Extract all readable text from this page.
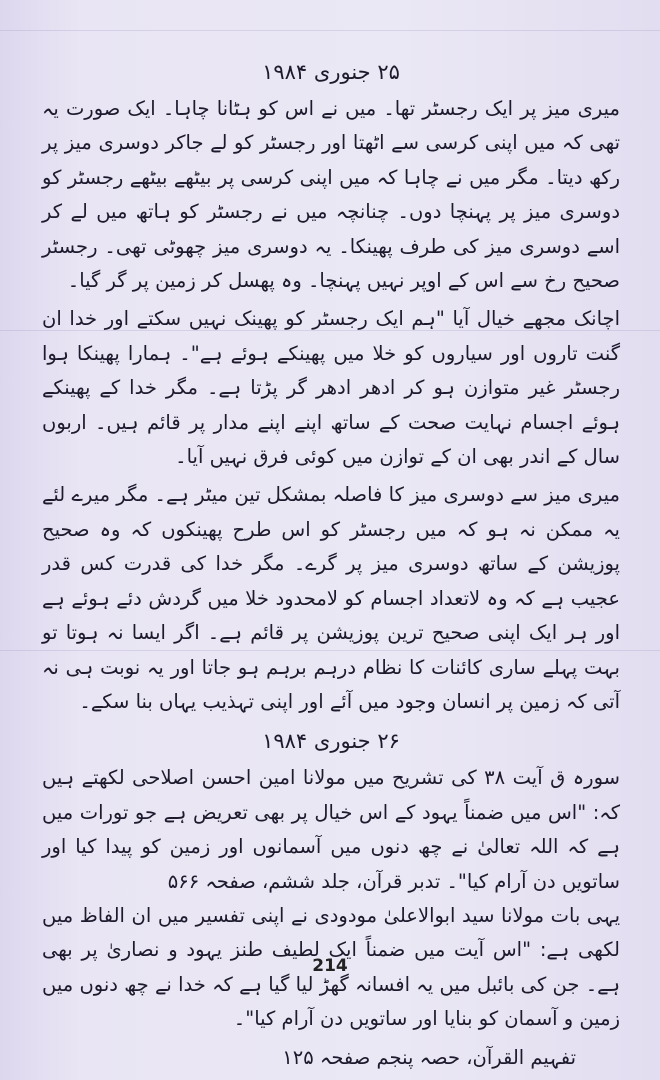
۲۵ جنوری ۱۹۸۴

میری میز پر ایک رجسٹر تھا۔ میں نے اس کو ہٹانا چاہا۔ ایک صورت یہ تھی کہ میں اپنی کرسی سے اٹھتا اور رجسٹر کو لے جاکر دوسری میز پر رکھ دیتا۔ مگر میں نے چاہا کہ میں اپنی کرسی پر بیٹھے بیٹھے رجسٹر کو دوسری میز پر پہنچا دوں۔ چنانچہ میں نے رجسٹر کو ہاتھ میں لے کر اسے دوسری میز کی طرف پھینکا۔ یہ دوسری میز چھوٹی تھی۔ رجسٹر صحیح رخ سے اس کے اوپر نہیں پہنچا۔ وہ پھسل کر زمین پر گر گیا۔

اچانک مجھے خیال آیا "ہم ایک رجسٹر کو پھینک نہیں سکتے اور خدا ان گنت تاروں اور سیاروں کو خلا میں پھینکے ہوئے ہے"۔ ہمارا پھینکا ہوا رجسٹر غیر متوازن ہو کر ادھر ادھر گر پڑتا ہے۔ مگر خدا کے پھینکے ہوئے اجسام نہایت صحت کے ساتھ اپنے اپنے مدار پر قائم ہیں۔ اربوں سال کے اندر بھی ان کے توازن میں کوئی فرق نہیں آیا۔

میری میز سے دوسری میز کا فاصلہ بمشکل تین میٹر ہے۔ مگر میرے لئے یہ ممکن نہ ہو کہ میں رجسٹر کو اس طرح پھینکوں کہ وہ صحیح پوزیشن کے ساتھ دوسری میز پر گرے۔ مگر خدا کی قدرت کس قدر عجیب ہے کہ وہ لاتعداد اجسام کو لامحدود خلا میں گردش دئے ہوئے ہے اور ہر ایک اپنی صحیح ترین پوزیشن پر قائم ہے۔ اگر ایسا نہ ہوتا تو بہت پہلے ساری کائنات کا نظام درہم برہم ہو جاتا اور یہ نوبت ہی نہ آتی کہ زمین پر انسان وجود میں آئے اور اپنی تہذیب یہاں بنا سکے۔

۲۶ جنوری ۱۹۸۴

سورہ ق آیت ۳۸ کی تشریح میں مولانا امین احسن اصلاحی لکھتے ہیں کہ: "اس میں ضمناً یہود کے اس خیال پر بھی تعریض ہے جو تورات میں ہے کہ اللہ تعالیٰ نے چھ دنوں میں آسمانوں اور زمین کو پیدا کیا اور ساتویں دن آرام کیا"۔ تدبر قرآن، جلد ششم، صفحہ ۵۶۶

یہی بات مولانا سید ابوالاعلیٰ مودودی نے اپنی تفسیر میں ان الفاظ میں لکھی ہے: "اس آیت میں ضمناً ایک لطیف طنز یہود و نصاریٰ پر بھی ہے۔ جن کی بائبل میں یہ افسانہ گھڑ لیا گیا ہے کہ خدا نے چھ دنوں میں زمین و آسمان کو بنایا اور ساتویں دن آرام کیا"۔

تفہیم القرآن، حصہ پنجم صفحہ ۱۲۵

214
